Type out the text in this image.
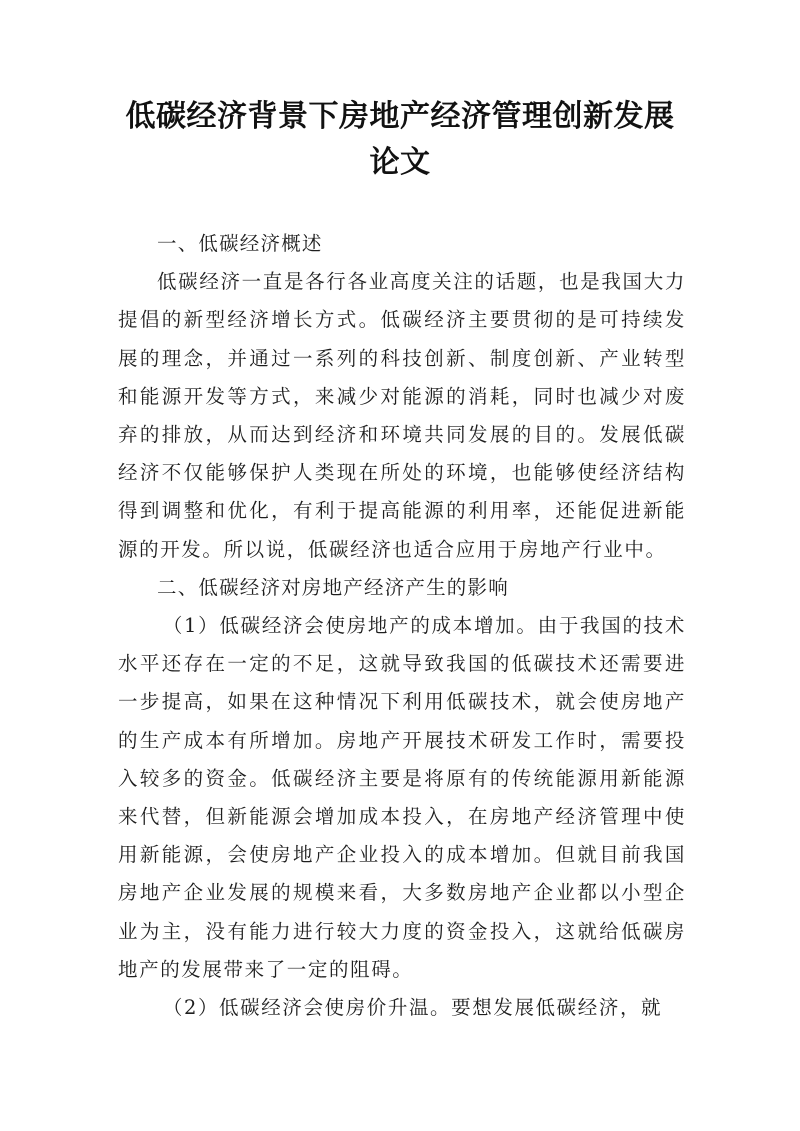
低碳经济背景下房地产经济管理创新发展
论文

一、低碳经济概述

低碳经济一直是各行各业高度关注的话题，也是我国大力提倡的新型经济增长方式。低碳经济主要贯彻的是可持续发展的理念，并通过一系列的科技创新、制度创新、产业转型和能源开发等方式，来减少对能源的消耗，同时也减少对废弃的排放，从而达到经济和环境共同发展的目的。发展低碳经济不仅能够保护人类现在所处的环境，也能够使经济结构得到调整和优化，有利于提高能源的利用率，还能促进新能源的开发。所以说，低碳经济也适合应用于房地产行业中。

二、低碳经济对房地产经济产生的影响

（1）低碳经济会使房地产的成本增加。由于我国的技术水平还存在一定的不足，这就导致我国的低碳技术还需要进一步提高，如果在这种情况下利用低碳技术，就会使房地产的生产成本有所增加。房地产开展技术研发工作时，需要投入较多的资金。低碳经济主要是将原有的传统能源用新能源来代替，但新能源会增加成本投入，在房地产经济管理中使用新能源，会使房地产企业投入的成本增加。但就目前我国房地产企业发展的规模来看，大多数房地产企业都以小型企业为主，没有能力进行较大力度的资金投入，这就给低碳房地产的发展带来了一定的阻碍。

（2）低碳经济会使房价升温。要想发展低碳经济，就
